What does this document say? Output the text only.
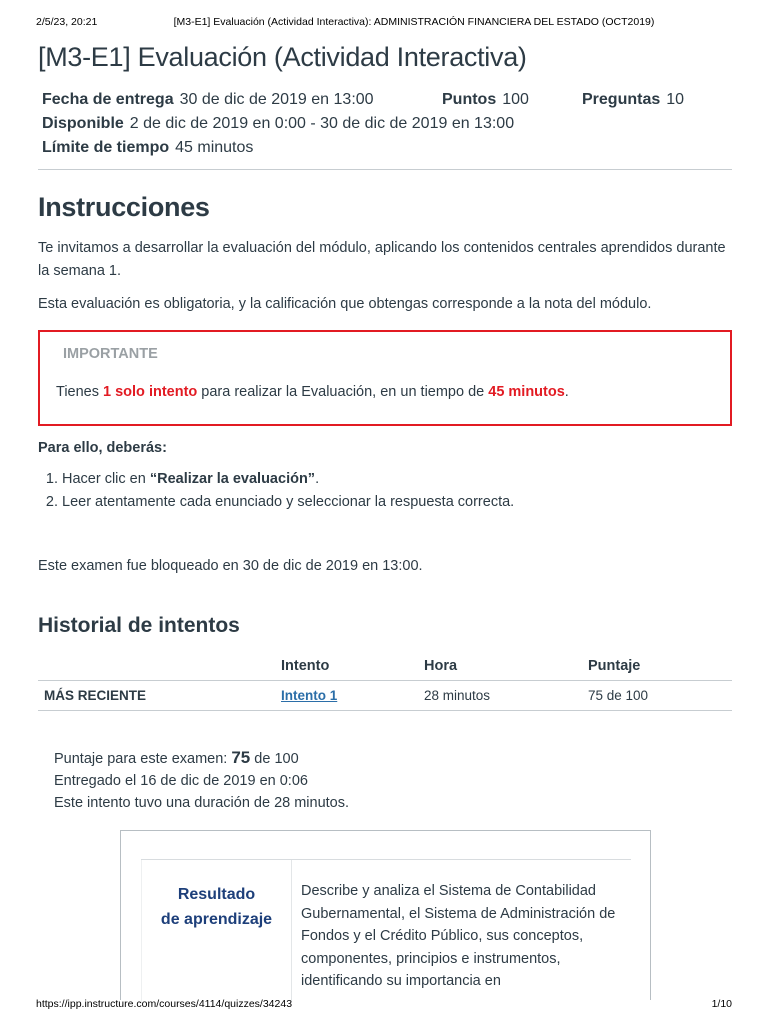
2/5/23, 20:21	[M3-E1] Evaluación (Actividad Interactiva): ADMINISTRACIÓN FINANCIERA DEL ESTADO (OCT2019)
[M3-E1] Evaluación (Actividad Interactiva)
Fecha de entrega 30 de dic de 2019 en 13:00	Puntos 100	Preguntas 10
Disponible 2 de dic de 2019 en 0:00 - 30 de dic de 2019 en 13:00
Límite de tiempo 45 minutos
Instrucciones

Te invitamos a desarrollar la evaluación del módulo, aplicando los contenidos centrales aprendidos durante la semana 1.

Esta evaluación es obligatoria, y la calificación que obtengas corresponde a la nota del módulo.

IMPORTANTE
Tienes 1 solo intento para realizar la Evaluación, en un tiempo de 45 minutos.

Para ello, deberás:

1. Hacer clic en “Realizar la evaluación”.
2. Leer atentamente cada enunciado y seleccionar la respuesta correcta.

Este examen fue bloqueado en 30 de dic de 2019 en 13:00.

Historial de intentos
	Intento	Hora	Puntaje
MÁS RECIENTE	Intento 1	28 minutos	75 de 100
Puntaje para este examen: 75 de 100
Entregado el 16 de dic de 2019 en 0:06
Este intento tuvo una duración de 28 minutos.
Resultado
de aprendizaje
Describe y analiza el Sistema de Contabilidad Gubernamental, el Sistema de Administración de Fondos y el Crédito Público, sus conceptos, componentes, principios e instrumentos, identificando su importancia en
https://ipp.instructure.com/courses/4114/quizzes/34243	1/10
